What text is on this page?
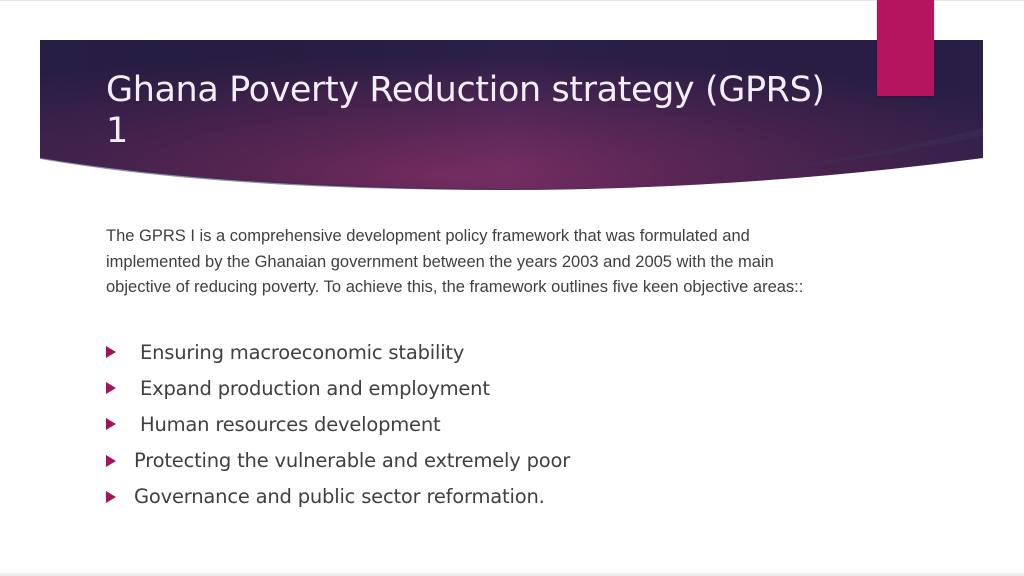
Ghana Poverty Reduction strategy (GPRS) 1

The GPRS I is a comprehensive development policy framework that was formulated and implemented by the Ghanaian government between the years 2003 and 2005 with the main objective of reducing poverty. To achieve this, the framework outlines five keen objective areas::

Ensuring macroeconomic stability
Expand production and employment
Human resources development
Protecting the vulnerable and extremely poor
Governance and public sector reformation.
